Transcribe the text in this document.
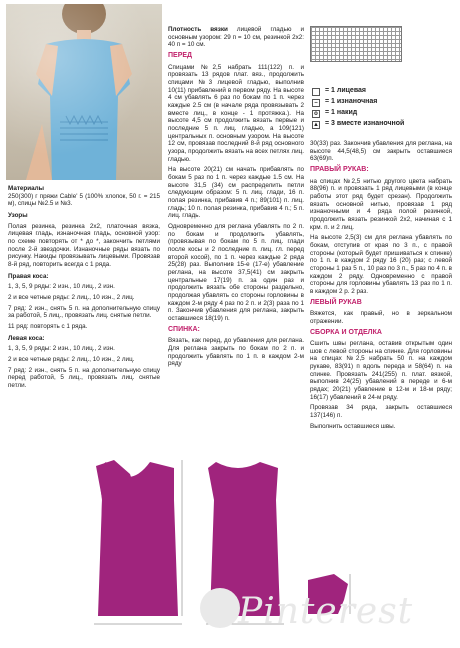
Материалы
250(300) г пряжи Cable' 5 (100% хлопок, 50 г. = 215 м), спицы №2.5 и №3.

Узоры

Полая резинка, резинка 2х2, платочная вязка, лицевая гладь, изнаночная гладь, основной узор: по схеме повторять от * до *, закончить петлями после 2-й звездочки. Изнаночные ряды вязать по рисунку. Накиды провязывать лицевыми. Провязав 8-й ряд, повторить всегда с 1 ряда.

Правая коса:

1, 3, 5, 9 ряды: 2 изн., 10 лиц., 2 изн.

2 и все четные ряды: 2 лиц., 10 изн., 2 лиц.

7 ряд: 2 изн., снять 5 п. на дополнительную спицу за работой, 5 лиц., провязать лиц. снятые петли.

11 ряд: повторять с 1 ряда.

Левая коса:

1, 3, 5, 9 ряды: 2 изн., 10 лиц., 2 изн.

2 и все четные ряды: 2 лиц., 10 изн., 2 лиц.

7 ряд: 2 изн., снять 5 п. на дополнительную спицу перед работой, 5 лиц., провязать лиц. снятые петли.

Плотность вязки лицевой гладью и основным узором: 29 п = 10 см, резинкой 2х2: 40 п = 10 см.

ПЕРЕД

Спицами №2,5 набрать 111(122) п. и провязать 13 рядов плат. вяз., продолжить спицами №3 лицевой гладью, выполнив 10(11) прибавлений в первом ряду. На высоте 4 см убавлять 6 раз по бокам по 1 п. через каждые 2.5 см (в начале ряда провязывать 2 вместе лиц., в конце - 1 протяжка.). На высоте 4,5 см продолжить вязать первые и последние 5 п. лиц. гладью, а 109(121) центральных п. основным узором. На высоте 12 см, провязав последний 8-й ряд основного узора, продолжить вязать на всех петлях лиц. гладью.

На высоте 20(21) см начать прибавлять по бокам 5 раз по 1 п. через каждые 1.5 см. На высоте 31,5 (34) см распределить петли следующим образом: 5 п. лиц. глади, 16 п. полая резинка, прибавив 4 п.; 89(101) п. лиц. гладь; 10 п. полая резинка, прибавив 4 п.; 5 п. лиц. гладь.

Одновременно для реглана убавлять по 2 п. по бокам и продолжить убавлять, (провязывая по бокам по 5 п. лиц. глади после косы и 2 последние п. лиц. гл. перед второй косой), по 1 п. через каждые 2 ряда 25(28) раз. Выполнив 15-е (17-е) убавление реглана, на высоте 37,5(41) см закрыть центральные 17(19) п. за один раз и продолжить вязать обе стороны раздельно, продолжая убавлять со стороны горловины в каждом 2-м ряду 4 раз по 2 п. и 2(3) раза по 1 п. Закончив убавления для реглана, закрыть оставшиеся 18(19) п.

СПИНКА:

Вязать, как перед, до убавления для реглана. Для реглана закрыть по бокам по 2 п. и продолжить убавлять по 1 п. в каждом 2-м ряду

= 1 лицевая
–	= 1 изнаночная
o	= 1 накид
▲ = 3 вместе изнаночной

30(33) раз. Закончив убавления для реглана, на высоте 44,5(48,5) см закрыть оставшиеся 63(69)п.

ПРАВЫЙ РУКАВ:

на спицах №2,5 нитью другого цвета набрать 88(96) п. и провязать 1 ряд лицевыми (в конце работы этот ряд будет срезан). Продолжить вязать основной нитью, провязав 1 ряд изнаночными и 4 ряда полой резинкой, продолжить вязать резинкой 2х2, начиная с 1 крм. п. и 2 лиц.

На высоте 2,5(3) см для реглана убавлять по бокам, отступив от края по 3 п., с правой стороны (который будет пришиваться к спинке) по 1 п. в каждом 2 ряду 16 (20) раз; с левой стороны 1 раз 5 п., 10 раз по 3 п., 5 раз по 4 п. в каждом 2 ряду. Одновременно с правой стороны для горловины убавлять 13 раз по 1 п. в каждом 2 р. 2 раз.

ЛЕВЫЙ РУКАВ

Вяжется, как правый, но в зеркальном отражении.

СБОРКА И ОТДЕЛКА

Сшить швы реглана, оставив открытым один шов с левой стороны на спинке. Для горловины на спицах №2,5 набрать 50 п. на каждом рукаве, 83(91) п вдоль переда и 58(64) п. на спинке. Провязать 241(255) п. плат. вязкой, выполнив 24(25) убавлений в переде и 6-м рядах; 20(21) убавление в 12-м и 18-м ряду; 16(17) убавлений в 24-м ряду.

Провязав 34 ряда, закрыть оставшиеся 137(146) п.

Выполнить оставшиеся швы.

Pinterest
